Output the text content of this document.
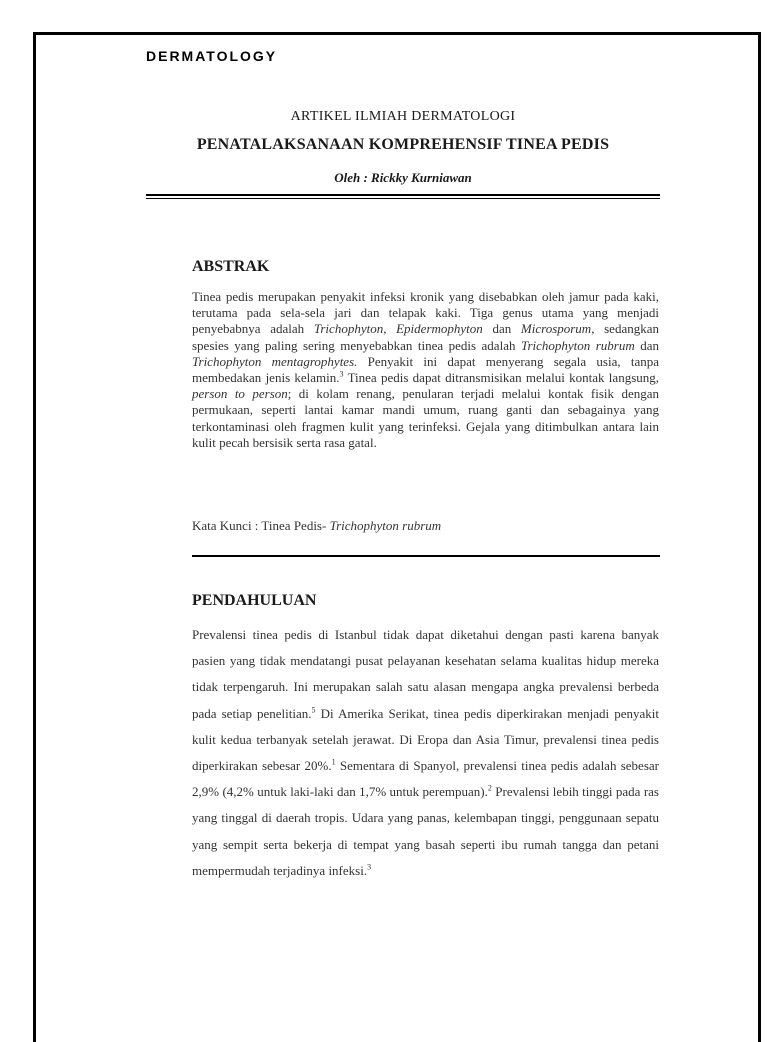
DERMATOLOGY
ARTIKEL ILMIAH DERMATOLOGI
PENATALAKSANAAN KOMPREHENSIF TINEA PEDIS
Oleh : Rickky Kurniawan
ABSTRAK
Tinea pedis merupakan penyakit infeksi kronik yang disebabkan oleh jamur pada kaki, terutama pada sela-sela jari dan telapak kaki. Tiga genus utama yang menjadi penyebabnya adalah Trichophyton, Epidermophyton dan Microsporum, sedangkan spesies yang paling sering menyebabkan tinea pedis adalah Trichophyton rubrum dan Trichophyton mentagrophytes. Penyakit ini dapat menyerang segala usia, tanpa membedakan jenis kelamin.$^3$ Tinea pedis dapat ditransmisikan melalui kontak langsung, person to person; di kolam renang, penularan terjadi melalui kontak fisik dengan permukaan, seperti lantai kamar mandi umum, ruang ganti dan sebagainya yang terkontaminasi oleh fragmen kulit yang terinfeksi. Gejala yang ditimbulkan antara lain kulit pecah bersisik serta rasa gatal.
Kata Kunci : Tinea Pedis- Trichophyton rubrum
PENDAHULUAN
Prevalensi tinea pedis di Istanbul tidak dapat diketahui dengan pasti karena banyak pasien yang tidak mendatangi pusat pelayanan kesehatan selama kualitas hidup mereka tidak terpengaruh. Ini merupakan salah satu alasan mengapa angka prevalensi berbeda pada setiap penelitian.$^5$ Di Amerika Serikat, tinea pedis diperkirakan menjadi penyakit kulit kedua terbanyak setelah jerawat. Di Eropa dan Asia Timur, prevalensi tinea pedis diperkirakan sebesar 20%.$^1$ Sementara di Spanyol, prevalensi tinea pedis adalah sebesar 2,9% (4,2% untuk laki-laki dan 1,7% untuk perempuan).$^2$ Prevalensi lebih tinggi pada ras yang tinggal di daerah tropis. Udara yang panas, kelembapan tinggi, penggunaan sepatu yang sempit serta bekerja di tempat yang basah seperti ibu rumah tangga dan petani mempermudah terjadinya infeksi.$^3$
